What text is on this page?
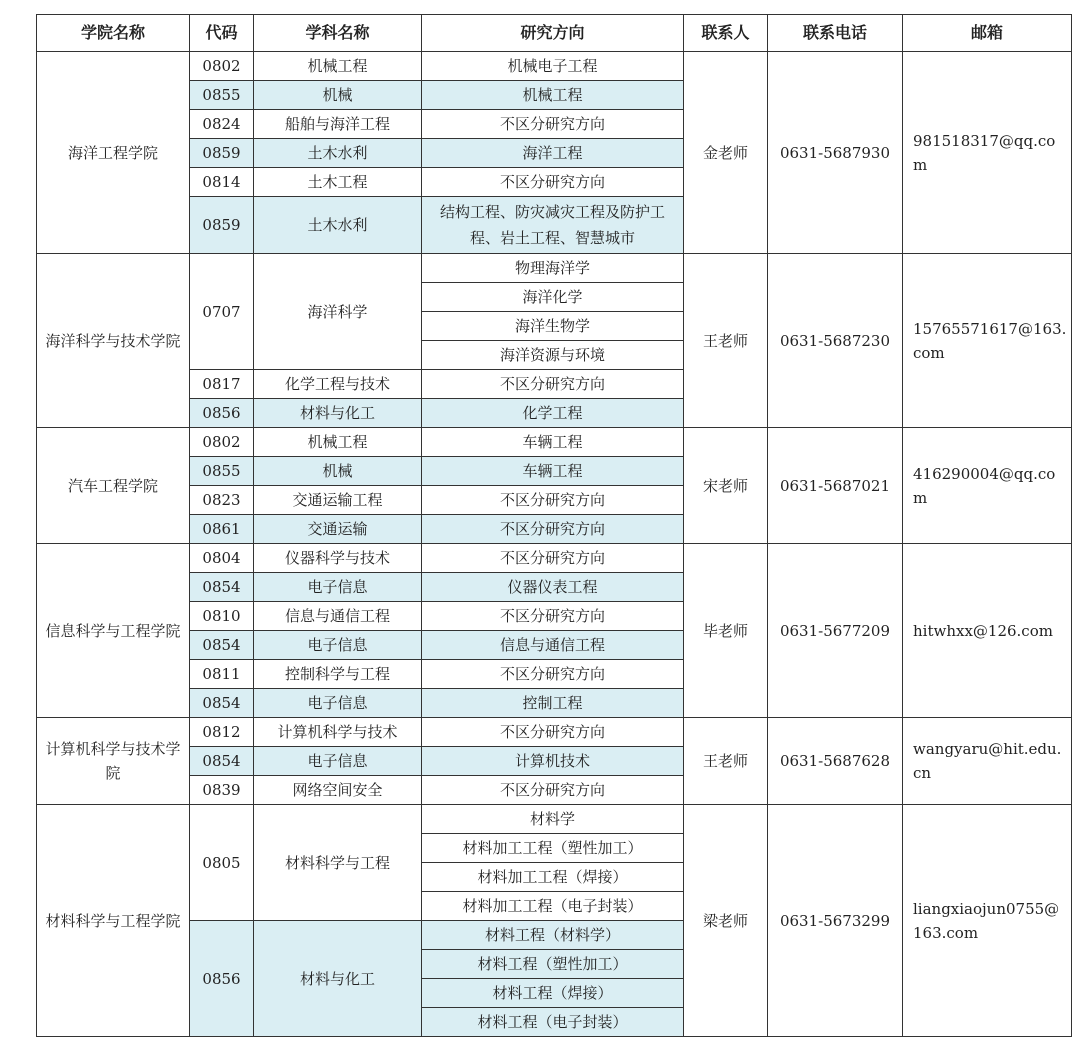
学院名称	代码	学科名称	研究方向	联系人	联系电话	邮箱
海洋工程学院	0802	机械工程	机械电子工程	金老师	0631-5687930	981518317@qq.com
	0855	机械	机械工程			
	0824	船舶与海洋工程	不区分研究方向			
	0859	土木水利	海洋工程			
	0814	土木工程	不区分研究方向			
	0859	土木水利	结构工程、防灾减灾工程及防护工程、岩土工程、智慧城市			
海洋科学与技术学院	0707	海洋科学	物理海洋学	王老师	0631-5687230	15765571617@163.com
			海洋化学			
			海洋生物学			
			海洋资源与环境			
	0817	化学工程与技术	不区分研究方向			
	0856	材料与化工	化学工程			
汽车工程学院	0802	机械工程	车辆工程	宋老师	0631-5687021	416290004@qq.com
	0855	机械	车辆工程			
	0823	交通运输工程	不区分研究方向			
	0861	交通运输	不区分研究方向			
信息科学与工程学院	0804	仪器科学与技术	不区分研究方向	毕老师	0631-5677209	hitwhxx@126.com
	0854	电子信息	仪器仪表工程			
	0810	信息与通信工程	不区分研究方向			
	0854	电子信息	信息与通信工程			
	0811	控制科学与工程	不区分研究方向			
	0854	电子信息	控制工程			
计算机科学与技术学院	0812	计算机科学与技术	不区分研究方向	王老师	0631-5687628	wangyaru@hit.edu.cn
	0854	电子信息	计算机技术			
	0839	网络空间安全	不区分研究方向			
材料科学与工程学院	0805	材料科学与工程	材料学	梁老师	0631-5673299	liangxiaojun0755@163.com
			材料加工工程（塑性加工）			
			材料加工工程（焊接）			
			材料加工工程（电子封装）			
	0856	材料与化工	材料工程（材料学）			
			材料工程（塑性加工）			
			材料工程（焊接）			
			材料工程（电子封装）			
